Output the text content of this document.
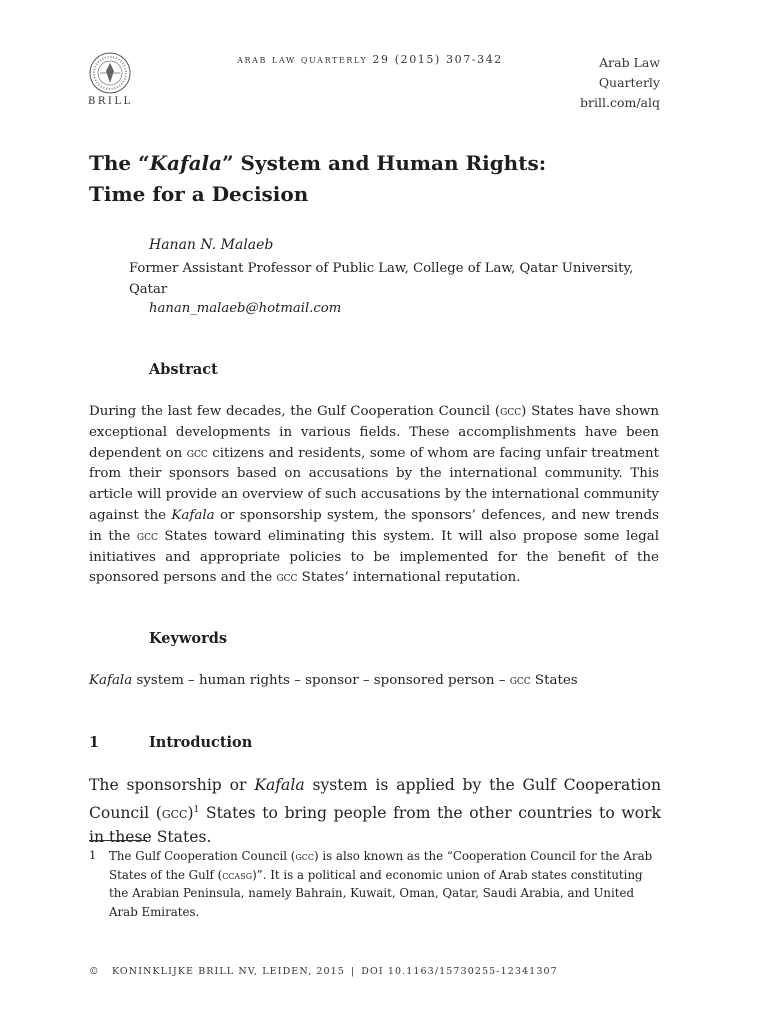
BRILL
arab law quarterly 29 (2015) 307-342	Arab Law
Quarterly
brill.com/alq
The “Kafala” System and Human Rights:
Time for a Decision
Hanan N. Malaeb
Former Assistant Professor of Public Law, College of Law, Qatar University, Qatar
hanan_malaeb@hotmail.com
Abstract
During the last few decades, the Gulf Cooperation Council (gcc) States have shown exceptional developments in various fields. These accomplishments have been dependent on gcc citizens and residents, some of whom are facing unfair treatment from their sponsors based on accusations by the international community. This article will provide an overview of such accusations by the international community against the Kafala or sponsorship system, the sponsors’ defences, and new trends in the gcc States toward eliminating this system. It will also propose some legal initiatives and appropriate policies to be implemented for the benefit of the sponsored persons and the gcc States’ international reputation.
Keywords
Kafala system – human rights – sponsor – sponsored person – gcc States
1	Introduction
The sponsorship or Kafala system is applied by the Gulf Cooperation Council (gcc)$^1$ States to bring people from the other countries to work in these States.
1 The Gulf Cooperation Council (gcc) is also known as the “Cooperation Council for the Arab States of the Gulf (ccasg)”. It is a political and economic union of Arab states constituting the Arabian Peninsula, namely Bahrain, Kuwait, Oman, Qatar, Saudi Arabia, and United Arab Emirates.
© KONINKLIJKE BRILL NV, LEIDEN, 2015 | DOI 10.1163/15730255-12341307
